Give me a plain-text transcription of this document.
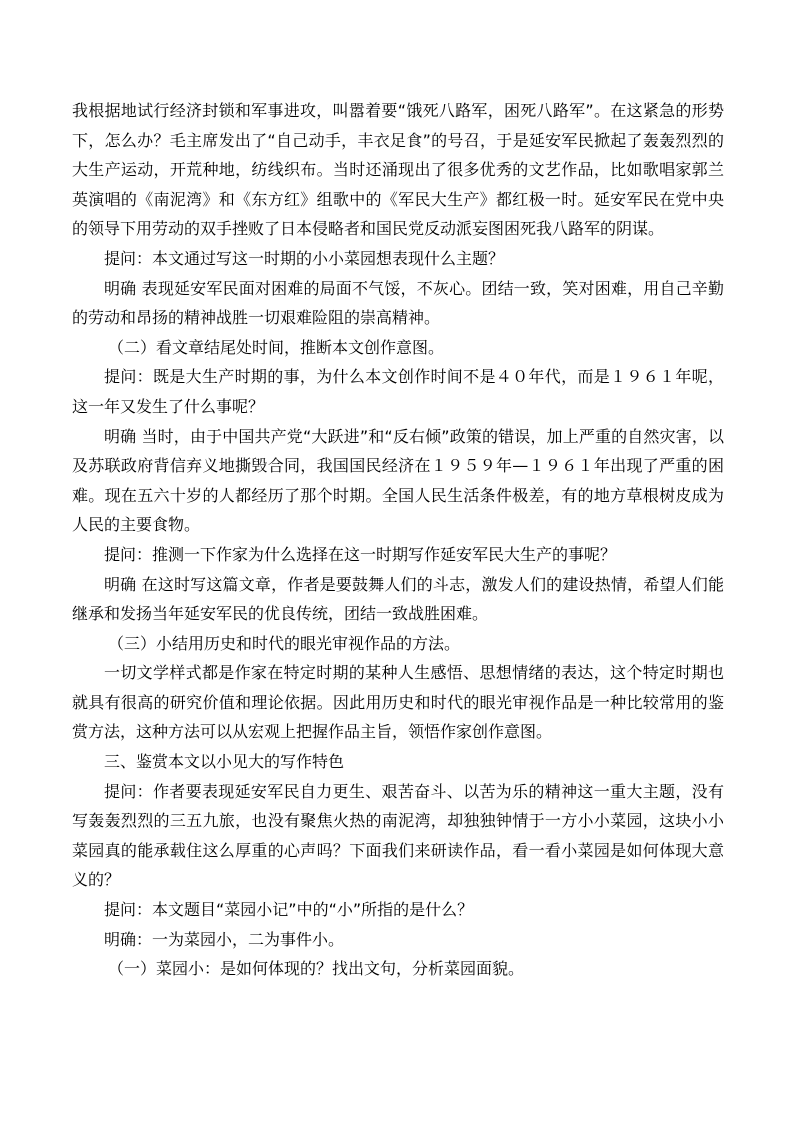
我根据地试行经济封锁和军事进攻，叫嚣着要“饿死八路军，困死八路军”。在这紧急的形势下，怎么办？毛主席发出了“自己动手，丰衣足食”的号召，于是延安军民掀起了轰轰烈烈的大生产运动，开荒种地，纺线织布。当时还涌现出了很多优秀的文艺作品，比如歌唱家郭兰英演唱的《南泥湾》和《东方红》组歌中的《军民大生产》都红极一时。延安军民在党中央的领导下用劳动的双手挫败了日本侵略者和国民党反动派妄图困死我八路军的阴谋。

提问：本文通过写这一时期的小小菜园想表现什么主题？

明确 表现延安军民面对困难的局面不气馁，不灰心。团结一致，笑对困难，用自己辛勤的劳动和昂扬的精神战胜一切艰难险阻的崇高精神。

（二）看文章结尾处时间，推断本文创作意图。

提问：既是大生产时期的事，为什么本文创作时间不是４０年代，而是１９６１年呢，这一年又发生了什么事呢？

明确 当时，由于中国共产党“大跃进”和“反右倾”政策的错误，加上严重的自然灾害，以及苏联政府背信弃义地撕毁合同，我国国民经济在１９５９年—１９６１年出现了严重的困难。现在五六十岁的人都经历了那个时期。全国人民生活条件极差，有的地方草根树皮成为人民的主要食物。

提问：推测一下作家为什么选择在这一时期写作延安军民大生产的事呢？

明确 在这时写这篇文章，作者是要鼓舞人们的斗志，激发人们的建设热情，希望人们能继承和发扬当年延安军民的优良传统，团结一致战胜困难。

（三）小结用历史和时代的眼光审视作品的方法。

一切文学样式都是作家在特定时期的某种人生感悟、思想情绪的表达，这个特定时期也就具有很高的研究价值和理论依据。因此用历史和时代的眼光审视作品是一种比较常用的鉴赏方法，这种方法可以从宏观上把握作品主旨，领悟作家创作意图。

三、鉴赏本文以小见大的写作特色

提问：作者要表现延安军民自力更生、艰苦奋斗、以苦为乐的精神这一重大主题，没有写轰轰烈烈的三五九旅，也没有聚焦火热的南泥湾，却独独钟情于一方小小菜园，这块小小菜园真的能承载住这么厚重的心声吗？下面我们来研读作品，看一看小菜园是如何体现大意义的？

提问：本文题目“菜园小记”中的“小”所指的是什么？

明确：一为菜园小，二为事件小。

（一）菜园小：是如何体现的？找出文句，分析菜园面貌。
